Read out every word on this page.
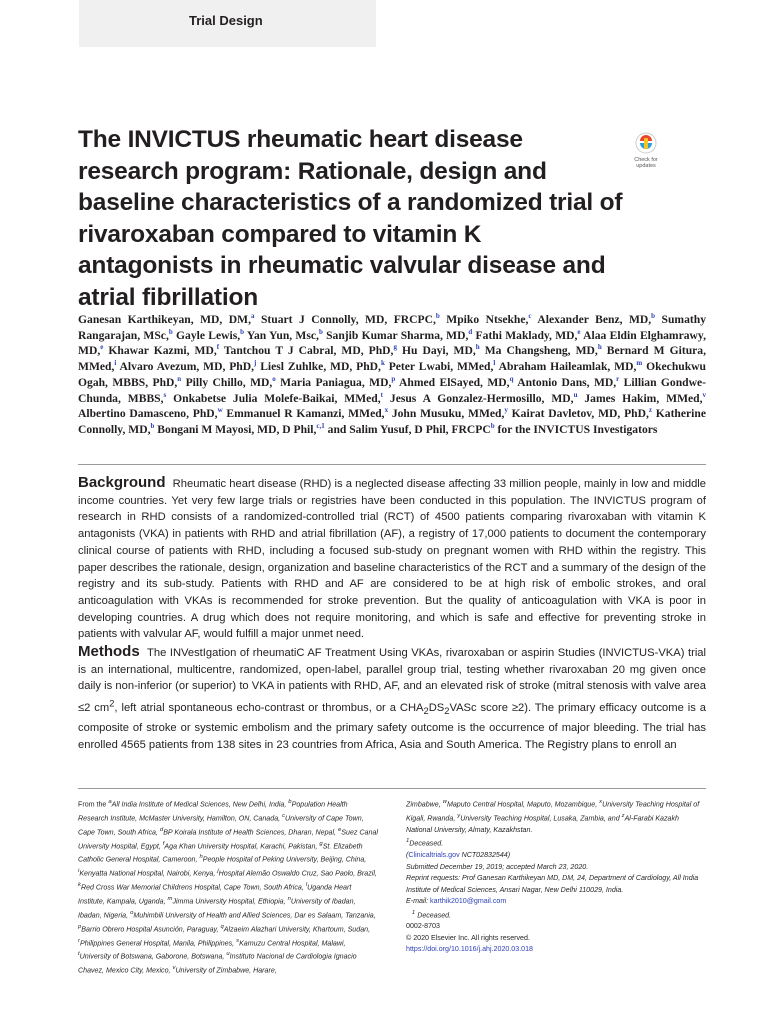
Trial Design
The INVICTUS rheumatic heart disease research program: Rationale, design and baseline characteristics of a randomized trial of rivaroxaban compared to vitamin K antagonists in rheumatic valvular disease and atrial fibrillation
Check for
updates

Ganesan Karthikeyan, MD, DM,$^a$ Stuart J Connolly, MD, FRCPC,$^b$ Mpiko Ntsekhe,$^c$ Alexander Benz, MD,$^b$ Sumathy Rangarajan, MSc,$^b$ Gayle Lewis,$^b$ Yan Yun, Msc,$^b$ Sanjib Kumar Sharma, MD,$^d$ Fathi Maklady, MD,$^e$ Alaa Eldin Elghamrawy, MD,$^e$ Khawar Kazmi, MD,$^f$ Tantchou T J Cabral, MD, PhD,$^g$ Hu Dayi, MD,$^h$ Ma Changsheng, MD,$^h$ Bernard M Gitura, MMed,$^i$ Alvaro Avezum, MD, PhD,$^j$ Liesl Zuhlke, MD, PhD,$^k$ Peter Lwabi, MMed,$^l$ Abraham Haileamlak, MD,$^m$ Okechukwu Ogah, MBBS, PhD,$^n$ Pilly Chillo, MD,$^o$ Maria Paniagua, MD,$^p$ Ahmed ElSayed, MD,$^q$ Antonio Dans, MD,$^r$ Lillian Gondwe-Chunda, MBBS,$^s$ Onkabetse Julia Molefe-Baikai, MMed,$^t$ Jesus A Gonzalez-Hermosillo, MD,$^u$ James Hakim, MMed,$^v$ Albertino Damasceno, PhD,$^w$ Emmanuel R Kamanzi, MMed,$^x$ John Musuku, MMed,$^y$ Kairat Davletov, MD, PhD,$^z$ Katherine Connolly, MD,$^b$ Bongani M Mayosi, MD, D Phil,$^{c,1}$ and Salim Yusuf, D Phil, FRCPC$^b$ for the INVICTUS Investigators

Background Rheumatic heart disease (RHD) is a neglected disease affecting 33 million people, mainly in low and middle income countries. Yet very few large trials or registries have been conducted in this population. The INVICTUS program of research in RHD consists of a randomized-controlled trial (RCT) of 4500 patients comparing rivaroxaban with vitamin K antagonists (VKA) in patients with RHD and atrial fibrillation (AF), a registry of 17,000 patients to document the contemporary clinical course of patients with RHD, including a focused sub-study on pregnant women with RHD within the registry. This paper describes the rationale, design, organization and baseline characteristics of the RCT and a summary of the design of the registry and its sub-study. Patients with RHD and AF are considered to be at high risk of embolic strokes, and oral anticoagulation with VKAs is recommended for stroke prevention. But the quality of anticoagulation with VKA is poor in developing countries. A drug which does not require monitoring, and which is safe and effective for preventing stroke in patients with valvular AF, would fulfill a major unmet need.

Methods The INVestIgation of rheumatiC AF Treatment Using VKAs, rivaroxaban or aspirin Studies (INVICTUS-VKA) trial is an international, multicentre, randomized, open-label, parallel group trial, testing whether rivaroxaban 20 mg given once daily is non-inferior (or superior) to VKA in patients with RHD, AF, and an elevated risk of stroke (mitral stenosis with valve area ≤2 $cm^2$, left atrial spontaneous echo-contrast or thrombus, or a $CHA_2DS_2VASc$ score ≥2). The primary efficacy outcome is a composite of stroke or systemic embolism and the primary safety outcome is the occurrence of major bleeding. The trial has enrolled 4565 patients from 138 sites in 23 countries from Africa, Asia and South America. The Registry plans to enroll an

From the $^a$All India Institute of Medical Sciences, New Delhi, India, $^b$Population Health Research Institute, McMaster University, Hamilton, ON, Canada, $^c$University of Cape Town, Cape Town, South Africa, $^d$BP Koirala Institute of Health Sciences, Dharan, Nepal, $^e$Suez Canal University Hospital, Egypt, $^f$Aga Khan University Hospital, Karachi, Pakistan, $^g$St. Elizabeth Catholic General Hospital, Cameroon, $^h$People Hospital of Peking University, Beijing, China, $^i$Kenyatta National Hospital, Nairobi, Kenya, $^j$Hospital Alemão Oswaldo Cruz, Sao Paolo, Brazil, $^k$Red Cross War Memorial Childrens Hospital, Cape Town, South Africa, $^l$Uganda Heart Institute, Kampala, Uganda, $^m$Jimma University Hospital, Ethiopia, $^n$University of Ibadan, Ibadan, Nigeria, $^o$Muhimbili University of Health and Allied Sciences, Dar es Salaam, Tanzania, $^p$Barrio Obrero Hospital Asunción, Paraguay, $^q$Alzaeim Alazhari University, Khartoum, Sudan, $^r$Philippines General Hospital, Manila, Philippines, $^s$Kamuzu Central Hospital, Malawi, $^t$University of Botswana, Gaborone, Botswana, $^u$Instituto Nacional de Cardiologia Ignacio Chavez, Mexico City, Mexico, $^v$University of Zimbabwe, Harare,

Zimbabwe, $^w$Maputo Central Hospital, Maputo, Mozambique, $^x$University Teaching Hospital of Kigali, Rwanda, $^y$University Teaching Hospital, Lusaka, Zambia, and $^z$Al-Farabi Kazakh National University, Almaty, Kazakhstan.
$^1$Deceased.
(Clinicaltrials.gov NCT02832544)
Submitted December 19, 2019; accepted March 23, 2020.
Reprint requests: Prof Ganesan Karthikeyan MD, DM, 24, Department of Cardiology, All India Institute of Medical Sciences, Ansari Nagar, New Delhi 110029, India.
E-mail: karthik2010@gmail.com
$^1$ Deceased.
0002-8703
© 2020 Elsevier Inc. All rights reserved.
https://doi.org/10.1016/j.ahj.2020.03.018
